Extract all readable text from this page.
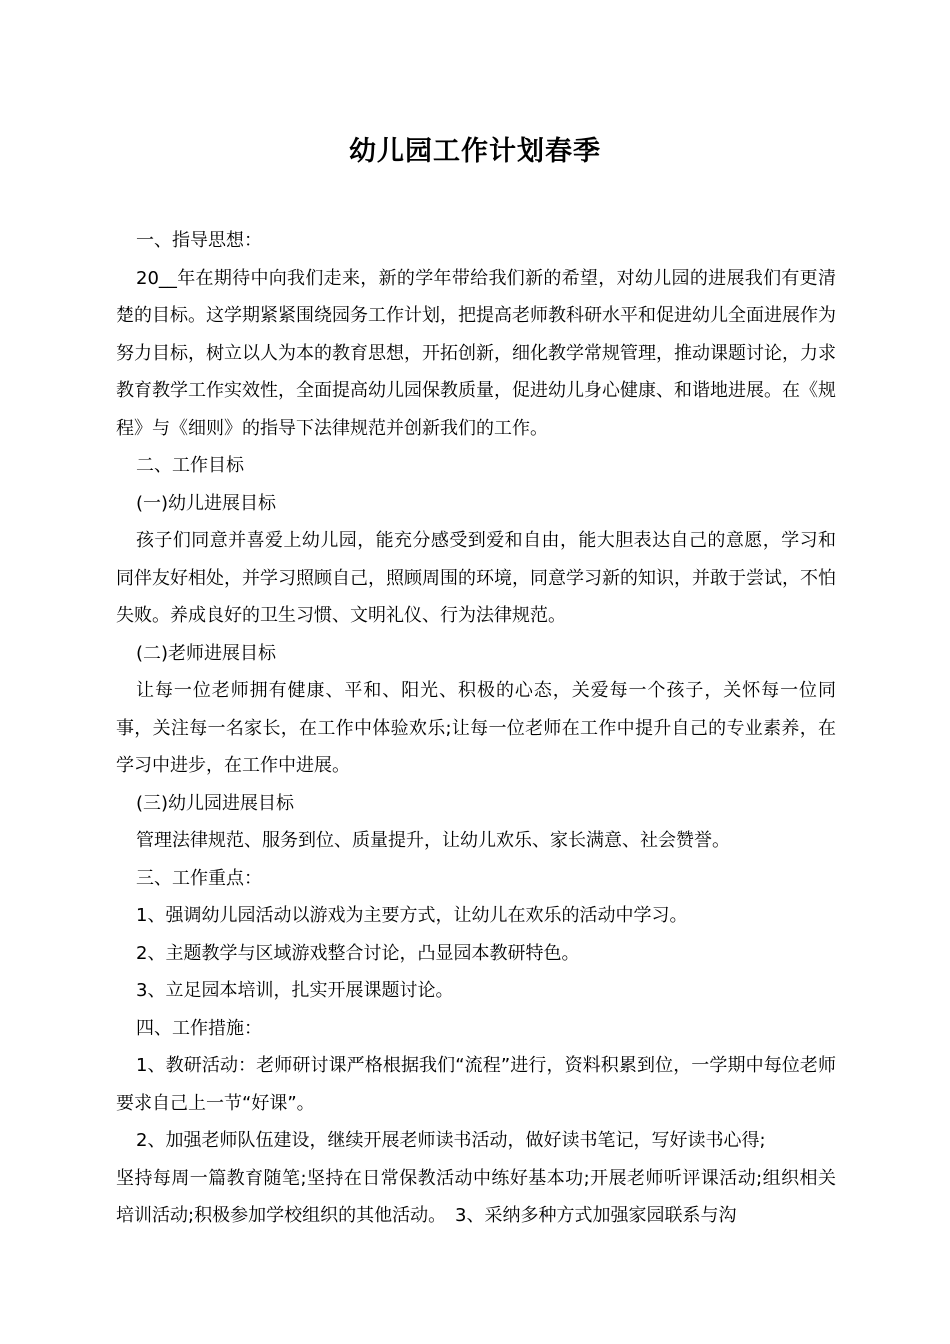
幼儿园工作计划春季

一、指导思想：

20__年在期待中向我们走来，新的学年带给我们新的希望，对幼儿园的进展我们有更清楚的目标。这学期紧紧围绕园务工作计划，把提高老师教科研水平和促进幼儿全面进展作为努力目标，树立以人为本的教育思想，开拓创新，细化教学常规管理，推动课题讨论，力求教育教学工作实效性，全面提高幼儿园保教质量，促进幼儿身心健康、和谐地进展。在《规程》与《细则》的指导下法律规范并创新我们的工作。

二、工作目标

(一)幼儿进展目标

孩子们同意并喜爱上幼儿园，能充分感受到爱和自由，能大胆表达自己的意愿，学习和同伴友好相处，并学习照顾自己，照顾周围的环境，同意学习新的知识，并敢于尝试，不怕失败。养成良好的卫生习惯、文明礼仪、行为法律规范。

(二)老师进展目标

让每一位老师拥有健康、平和、阳光、积极的心态，关爱每一个孩子，关怀每一位同事，关注每一名家长，在工作中体验欢乐;让每一位老师在工作中提升自己的专业素养，在学习中进步，在工作中进展。

(三)幼儿园进展目标

管理法律规范、服务到位、质量提升，让幼儿欢乐、家长满意、社会赞誉。

三、工作重点：

1、强调幼儿园活动以游戏为主要方式，让幼儿在欢乐的活动中学习。

2、主题教学与区域游戏整合讨论，凸显园本教研特色。

3、立足园本培训，扎实开展课题讨论。

四、工作措施：

1、教研活动：老师研讨课严格根据我们“流程”进行，资料积累到位，一学期中每位老师要求自己上一节“好课”。

2、加强老师队伍建设，继续开展老师读书活动，做好读书笔记，写好读书心得;

坚持每周一篇教育随笔;坚持在日常保教活动中练好基本功;开展老师听评课活动;组织相关培训活动;积极参加学校组织的其他活动。　3、采纳多种方式加强家园联系与沟
